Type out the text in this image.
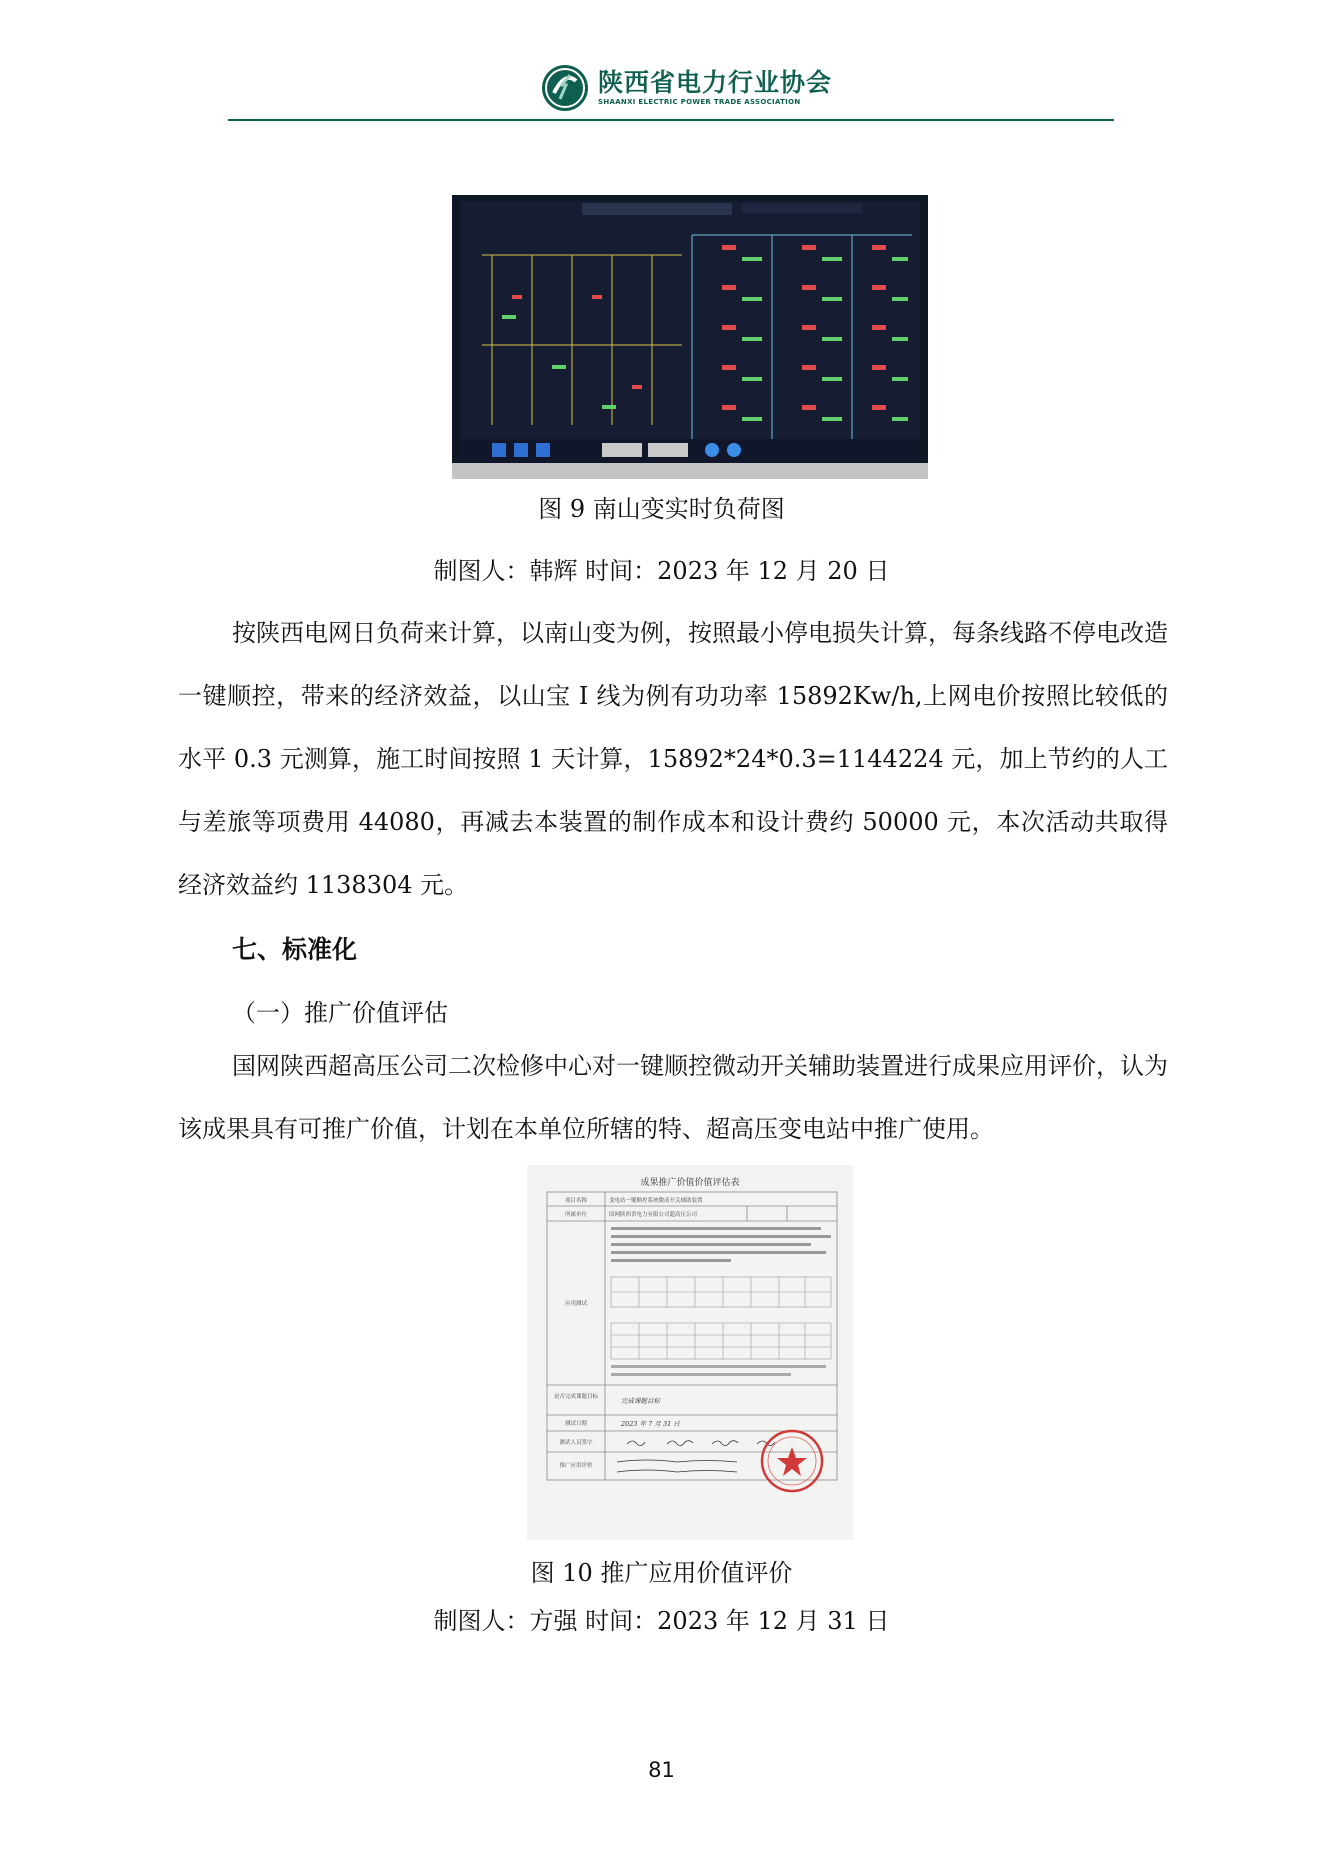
陕西省电力行业协会
SHAANXI ELECTRIC POWER TRADE ASSOCIATION
图 9 南山变实时负荷图
制图人：韩辉 时间：2023 年 12 月 20 日

按陕西电网日负荷来计算，以南山变为例，按照最小停电损失计算，每条线路不停电改造一键顺控，带来的经济效益，以山宝 I 线为例有功功率 15892Kw/h,上网电价按照比较低的水平 0.3 元测算，施工时间按照 1 天计算，15892*24*0.3=1144224 元，加上节约的人工与差旅等项费用 44080，再减去本装置的制作成本和设计费约 50000 元，本次活动共取得经济效益约 1138304 元。

七、标准化
（一）推广价值评估

国网陕西超高压公司二次检修中心对一键顺控微动开关辅助装置进行成果应用评价，认为该成果具有可推广价值，计划在本单位所辖的特、超高压变电站中推广使用。

成果推广价值价值评估表
项目名称	变电站一键顺控系统微动开关辅助装置
所属单位	国网陕西省电力有限公司超高压公司
应用测试
是否完成课题目标
测试日期
测试人员签字
推广应用评价
完成课题目标
2023 年 7 月 31 日
图 10 推广应用价值评价
制图人：方强 时间：2023 年 12 月 31 日
81
